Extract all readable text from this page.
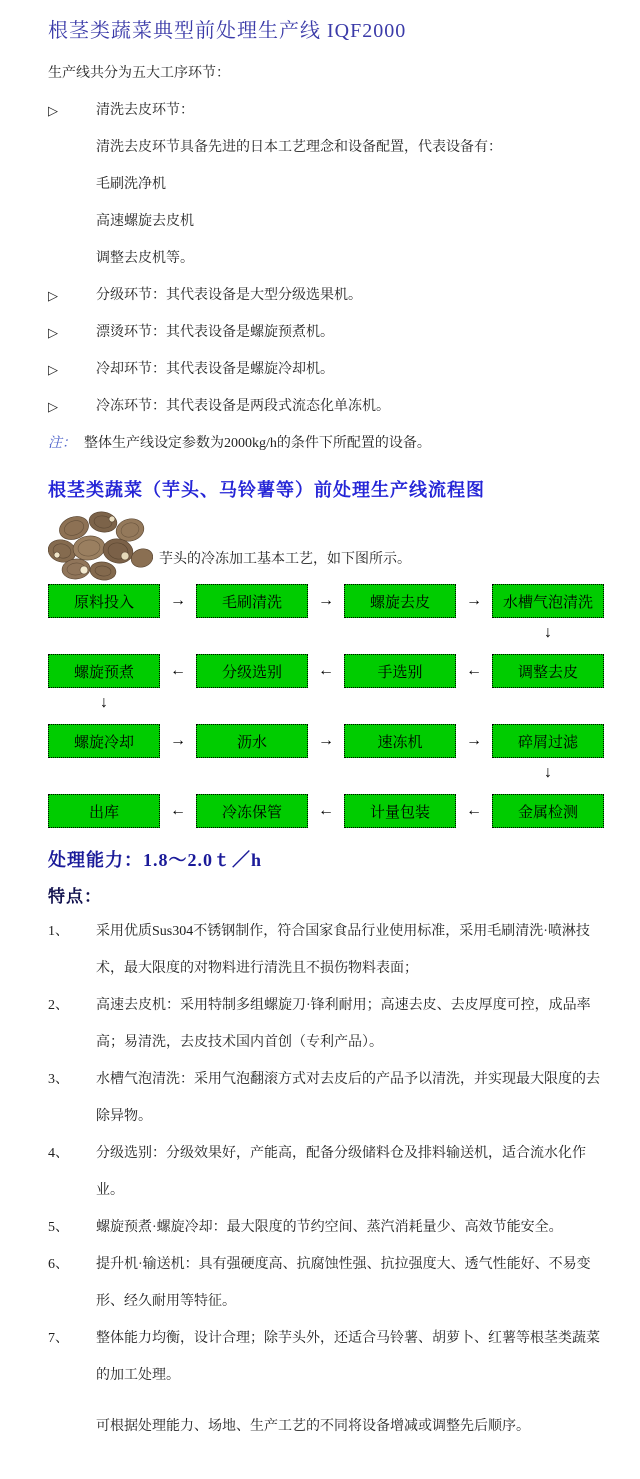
根茎类蔬菜典型前处理生产线 IQF2000

生产线共分为五大工序环节：

▷	清洗去皮环节：

清洗去皮环节具备先进的日本工艺理念和设备配置，代表设备有：

毛刷洗净机

高速螺旋去皮机

调整去皮机等。

▷	分级环节：其代表设备是大型分级选果机。
▷	漂烫环节：其代表设备是螺旋预煮机。
▷	冷却环节：其代表设备是螺旋冷却机。
▷	冷冻环节：其代表设备是两段式流态化单冻机。

注： 整体生产线设定参数为2000kg/h的条件下所配置的设备。

根茎类蔬菜（芋头、马铃薯等）前处理生产线流程图
芋头的冷冻加工基本工艺，如下图所示。
原料投入	→	毛刷清洗	→	螺旋去皮	→	水槽气泡清洗
↓
螺旋预煮	←	分级选别	←	手选别	←	调整去皮
↓
螺旋冷却	→	沥水	→	速冻机	→	碎屑过滤
↓
出库	←	冷冻保管	←	计量包装	←	金属检测

处理能力：1.8～2.0ｔ／h

特点：

1、	采用优质Sus304不锈钢制作，符合国家食品行业使用标准，采用毛刷清洗·喷淋技术，最大限度的对物料进行清洗且不损伤物料表面；
2、	高速去皮机：采用特制多组螺旋刀·锋利耐用；高速去皮、去皮厚度可控，成品率高；易清洗，去皮技术国内首创（专利产品）。
3、	水槽气泡清洗：采用气泡翻滚方式对去皮后的产品予以清洗，并实现最大限度的去除异物。
4、	分级选别：分级效果好，产能高，配备分级储料仓及排料输送机，适合流水化作业。
5、	螺旋预煮·螺旋冷却：最大限度的节约空间、蒸汽消耗量少、高效节能安全。
6、	提升机·输送机：具有强硬度高、抗腐蚀性强、抗拉强度大、透气性能好、不易变形、经久耐用等特征。
7、	整体能力均衡，设计合理；除芋头外，还适合马铃薯、胡萝卜、红薯等根茎类蔬菜的加工处理。

可根据处理能力、场地、生产工艺的不同将设备增减或调整先后顺序。
